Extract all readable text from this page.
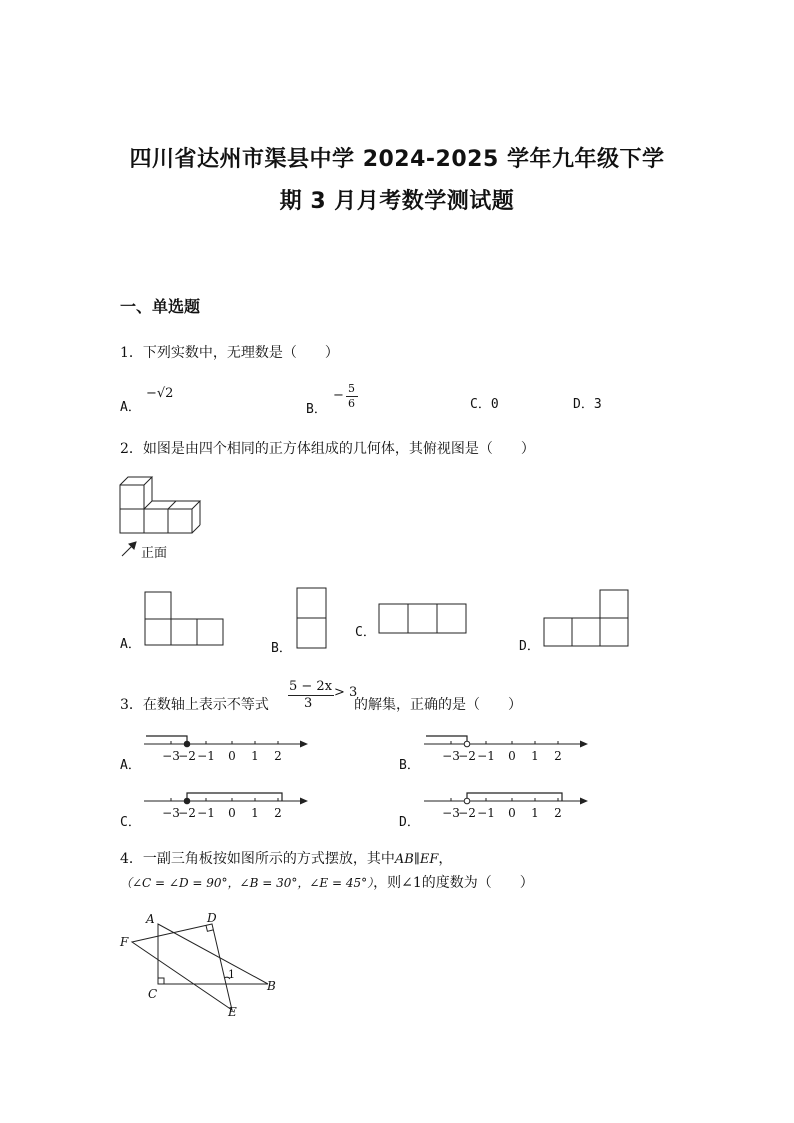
四川省达州市渠县中学 2024-2025 学年九年级下学
期 3 月月考数学测试题
一、单选题
1．下列实数中，无理数是（　　）
A．
−√2
B．
− 5
6	C．0	D．3
2．如图是由四个相同的正方体组成的几何体，其俯视图是（　　）
正面
A．	B．
C．
D．
3．在数轴上表示不等式
5 − 2x
3
> 3
的解集，正确的是（　　）
A．	B．
C．	D．
−3
−2 −1 0 1 2	−3
−2 −1 0 1 2
−3
−2 −1 0 1 2	−3
−2 −1 0 1 2
4．一副三角板按如图所示的方式摆放，其中AB∥EF，
（∠C = ∠D = 90°，∠B = 30°，∠E = 45°），则∠1的度数为（　　）
A	D
F
C
B
E
1
